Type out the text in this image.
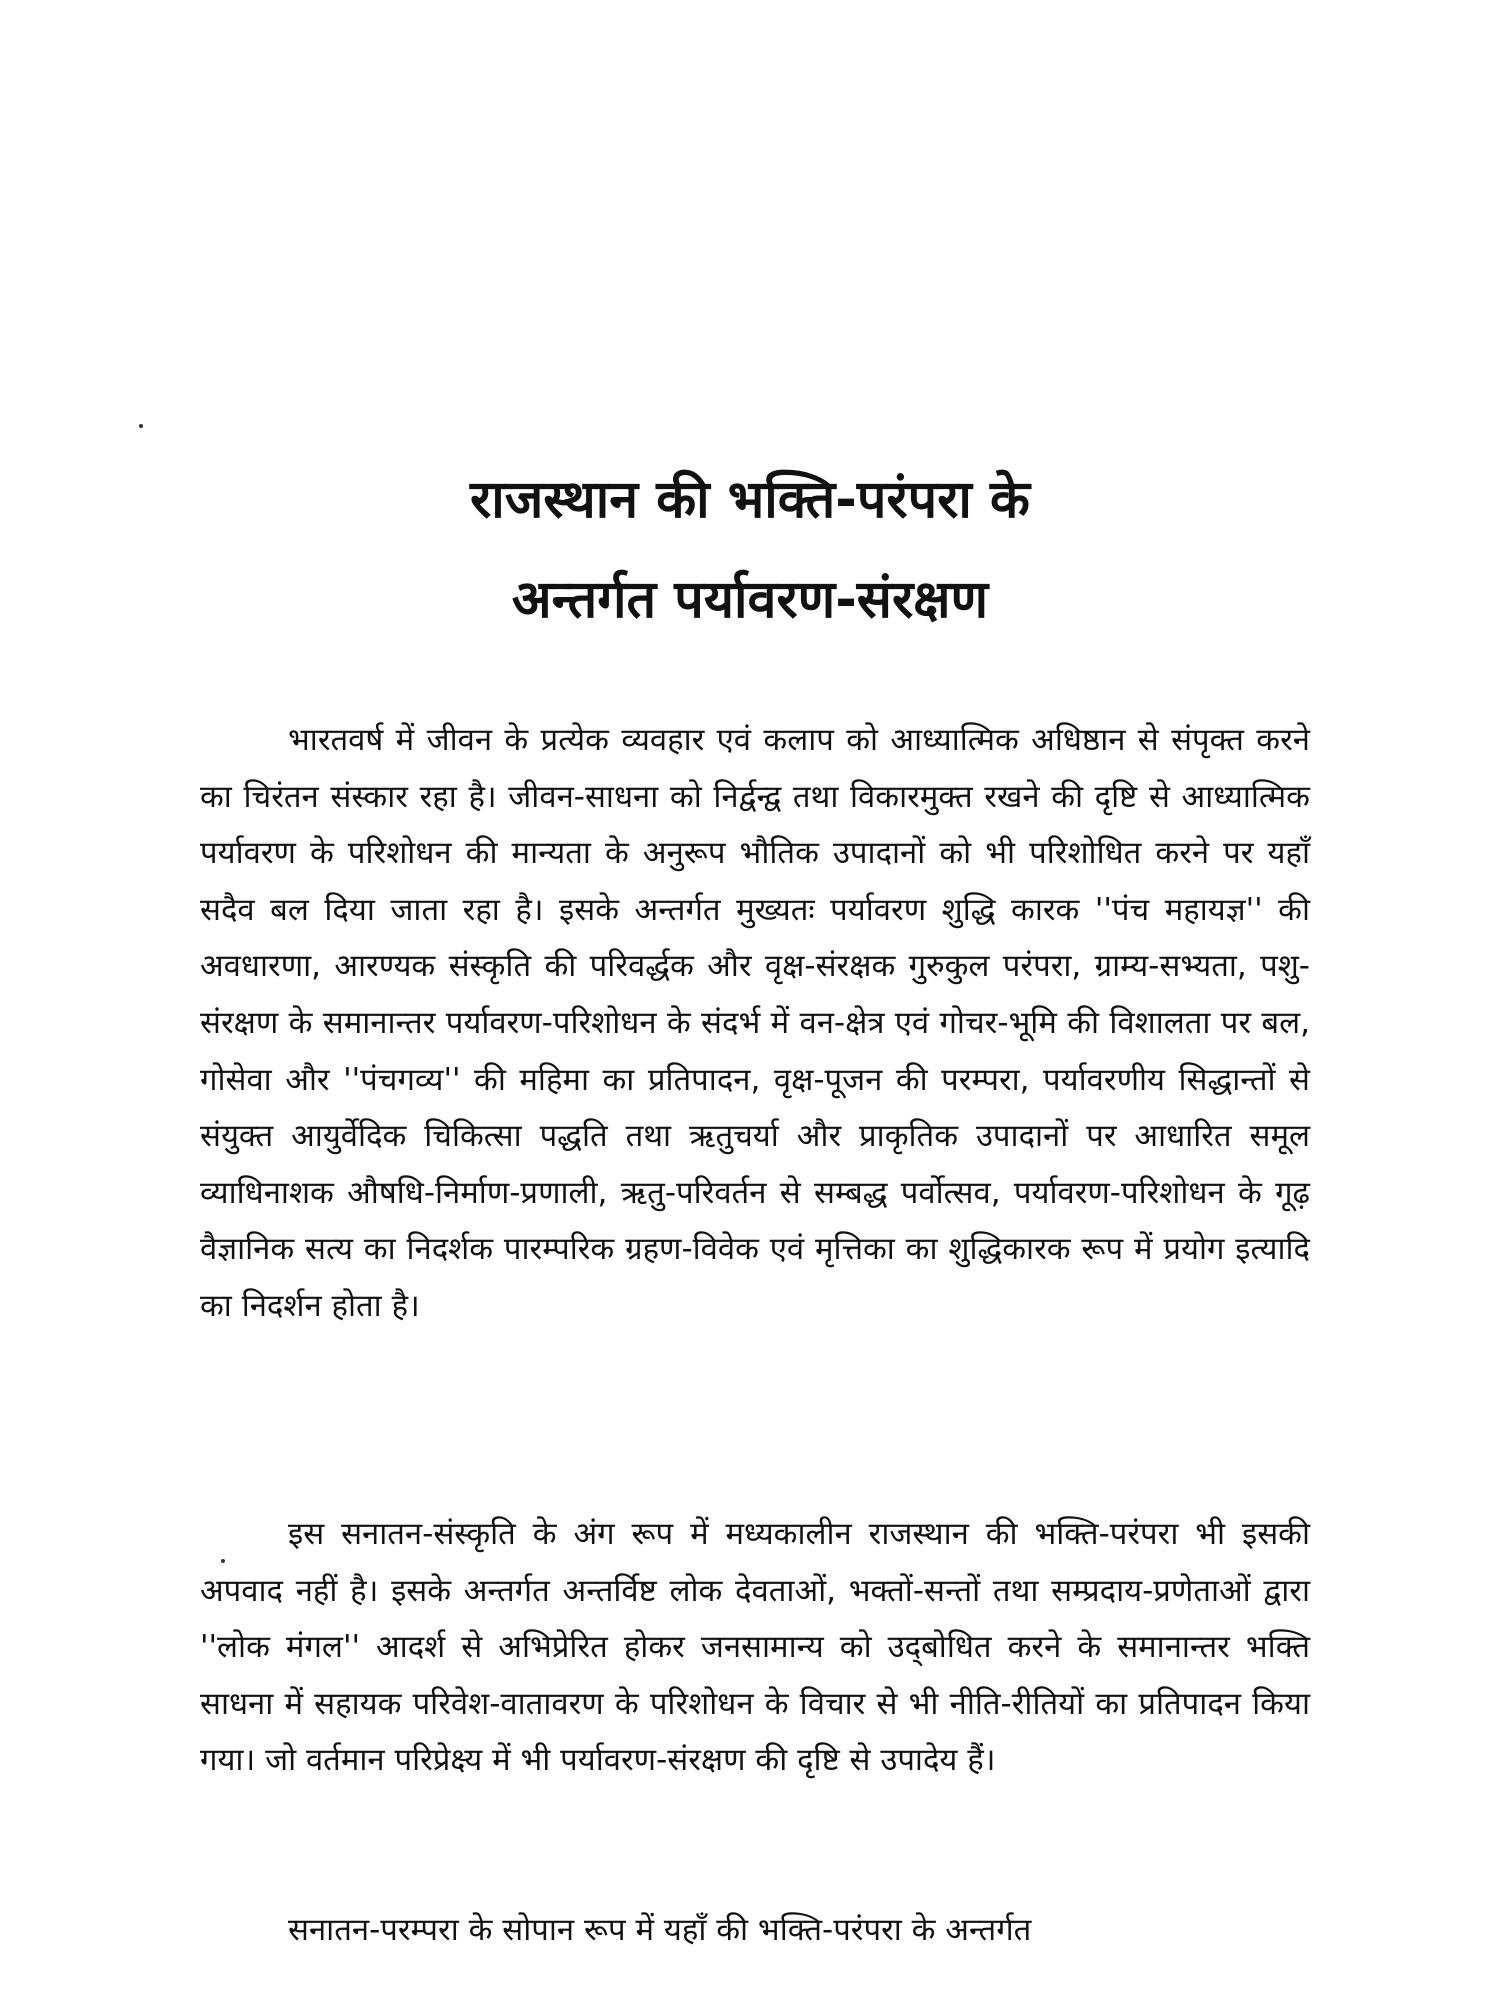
राजस्थान की भक्ति-परंपरा के
अन्तर्गत पर्यावरण-संरक्षण

भारतवर्ष में जीवन के प्रत्येक व्यवहार एवं कलाप को आध्यात्मिक अधिष्ठान से संपृक्त करने का चिरंतन संस्कार रहा है। जीवन-साधना को निर्द्वन्द्व तथा विकारमुक्त रखने की दृष्टि से आध्यात्मिक पर्यावरण के परिशोधन की मान्यता के अनुरूप भौतिक उपादानों को भी परिशोधित करने पर यहाँ सदैव बल दिया जाता रहा है। इसके अन्तर्गत मुख्यतः पर्यावरण शुद्धि कारक ''पंच महायज्ञ'' की अवधारणा, आरण्यक संस्कृति की परिवर्द्धक और वृक्ष-संरक्षक गुरुकुल परंपरा, ग्राम्य-सभ्यता, पशु-संरक्षण के समानान्तर पर्यावरण-परिशोधन के संदर्भ में वन-क्षेत्र एवं गोचर-भूमि की विशालता पर बल, गोसेवा और ''पंचगव्य'' की महिमा का प्रतिपादन, वृक्ष-पूजन की परम्परा, पर्यावरणीय सिद्धान्तों से संयुक्त आयुर्वेदिक चिकित्सा पद्धति तथा ऋतुचर्या और प्राकृतिक उपादानों पर आधारित समूल व्याधिनाशक औषधि-निर्माण-प्रणाली, ऋतु-परिवर्तन से सम्बद्ध पर्वोत्सव, पर्यावरण-परिशोधन के गूढ़ वैज्ञानिक सत्य का निदर्शक पारम्परिक ग्रहण-विवेक एवं मृत्तिका का शुद्धिकारक रूप में प्रयोग इत्यादि का निदर्शन होता है।

इस सनातन-संस्कृति के अंग रूप में मध्यकालीन राजस्थान की भक्ति-परंपरा भी इसकी अपवाद नहीं है। इसके अन्तर्गत अन्तर्विष्ट लोक देवताओं, भक्तों-सन्तों तथा सम्प्रदाय-प्रणेताओं द्वारा ''लोक मंगल'' आदर्श से अभिप्रेरित होकर जनसामान्य को उद्‌बोधित करने के समानान्तर भक्ति साधना में सहायक परिवेश-वातावरण के परिशोधन के विचार से भी नीति-रीतियों का प्रतिपादन किया गया। जो वर्तमान परिप्रेक्ष्य में भी पर्यावरण-संरक्षण की दृष्टि से उपादेय हैं।

सनातन-परम्परा के सोपान रूप में यहाँ की भक्ति-परंपरा के अन्तर्गत
